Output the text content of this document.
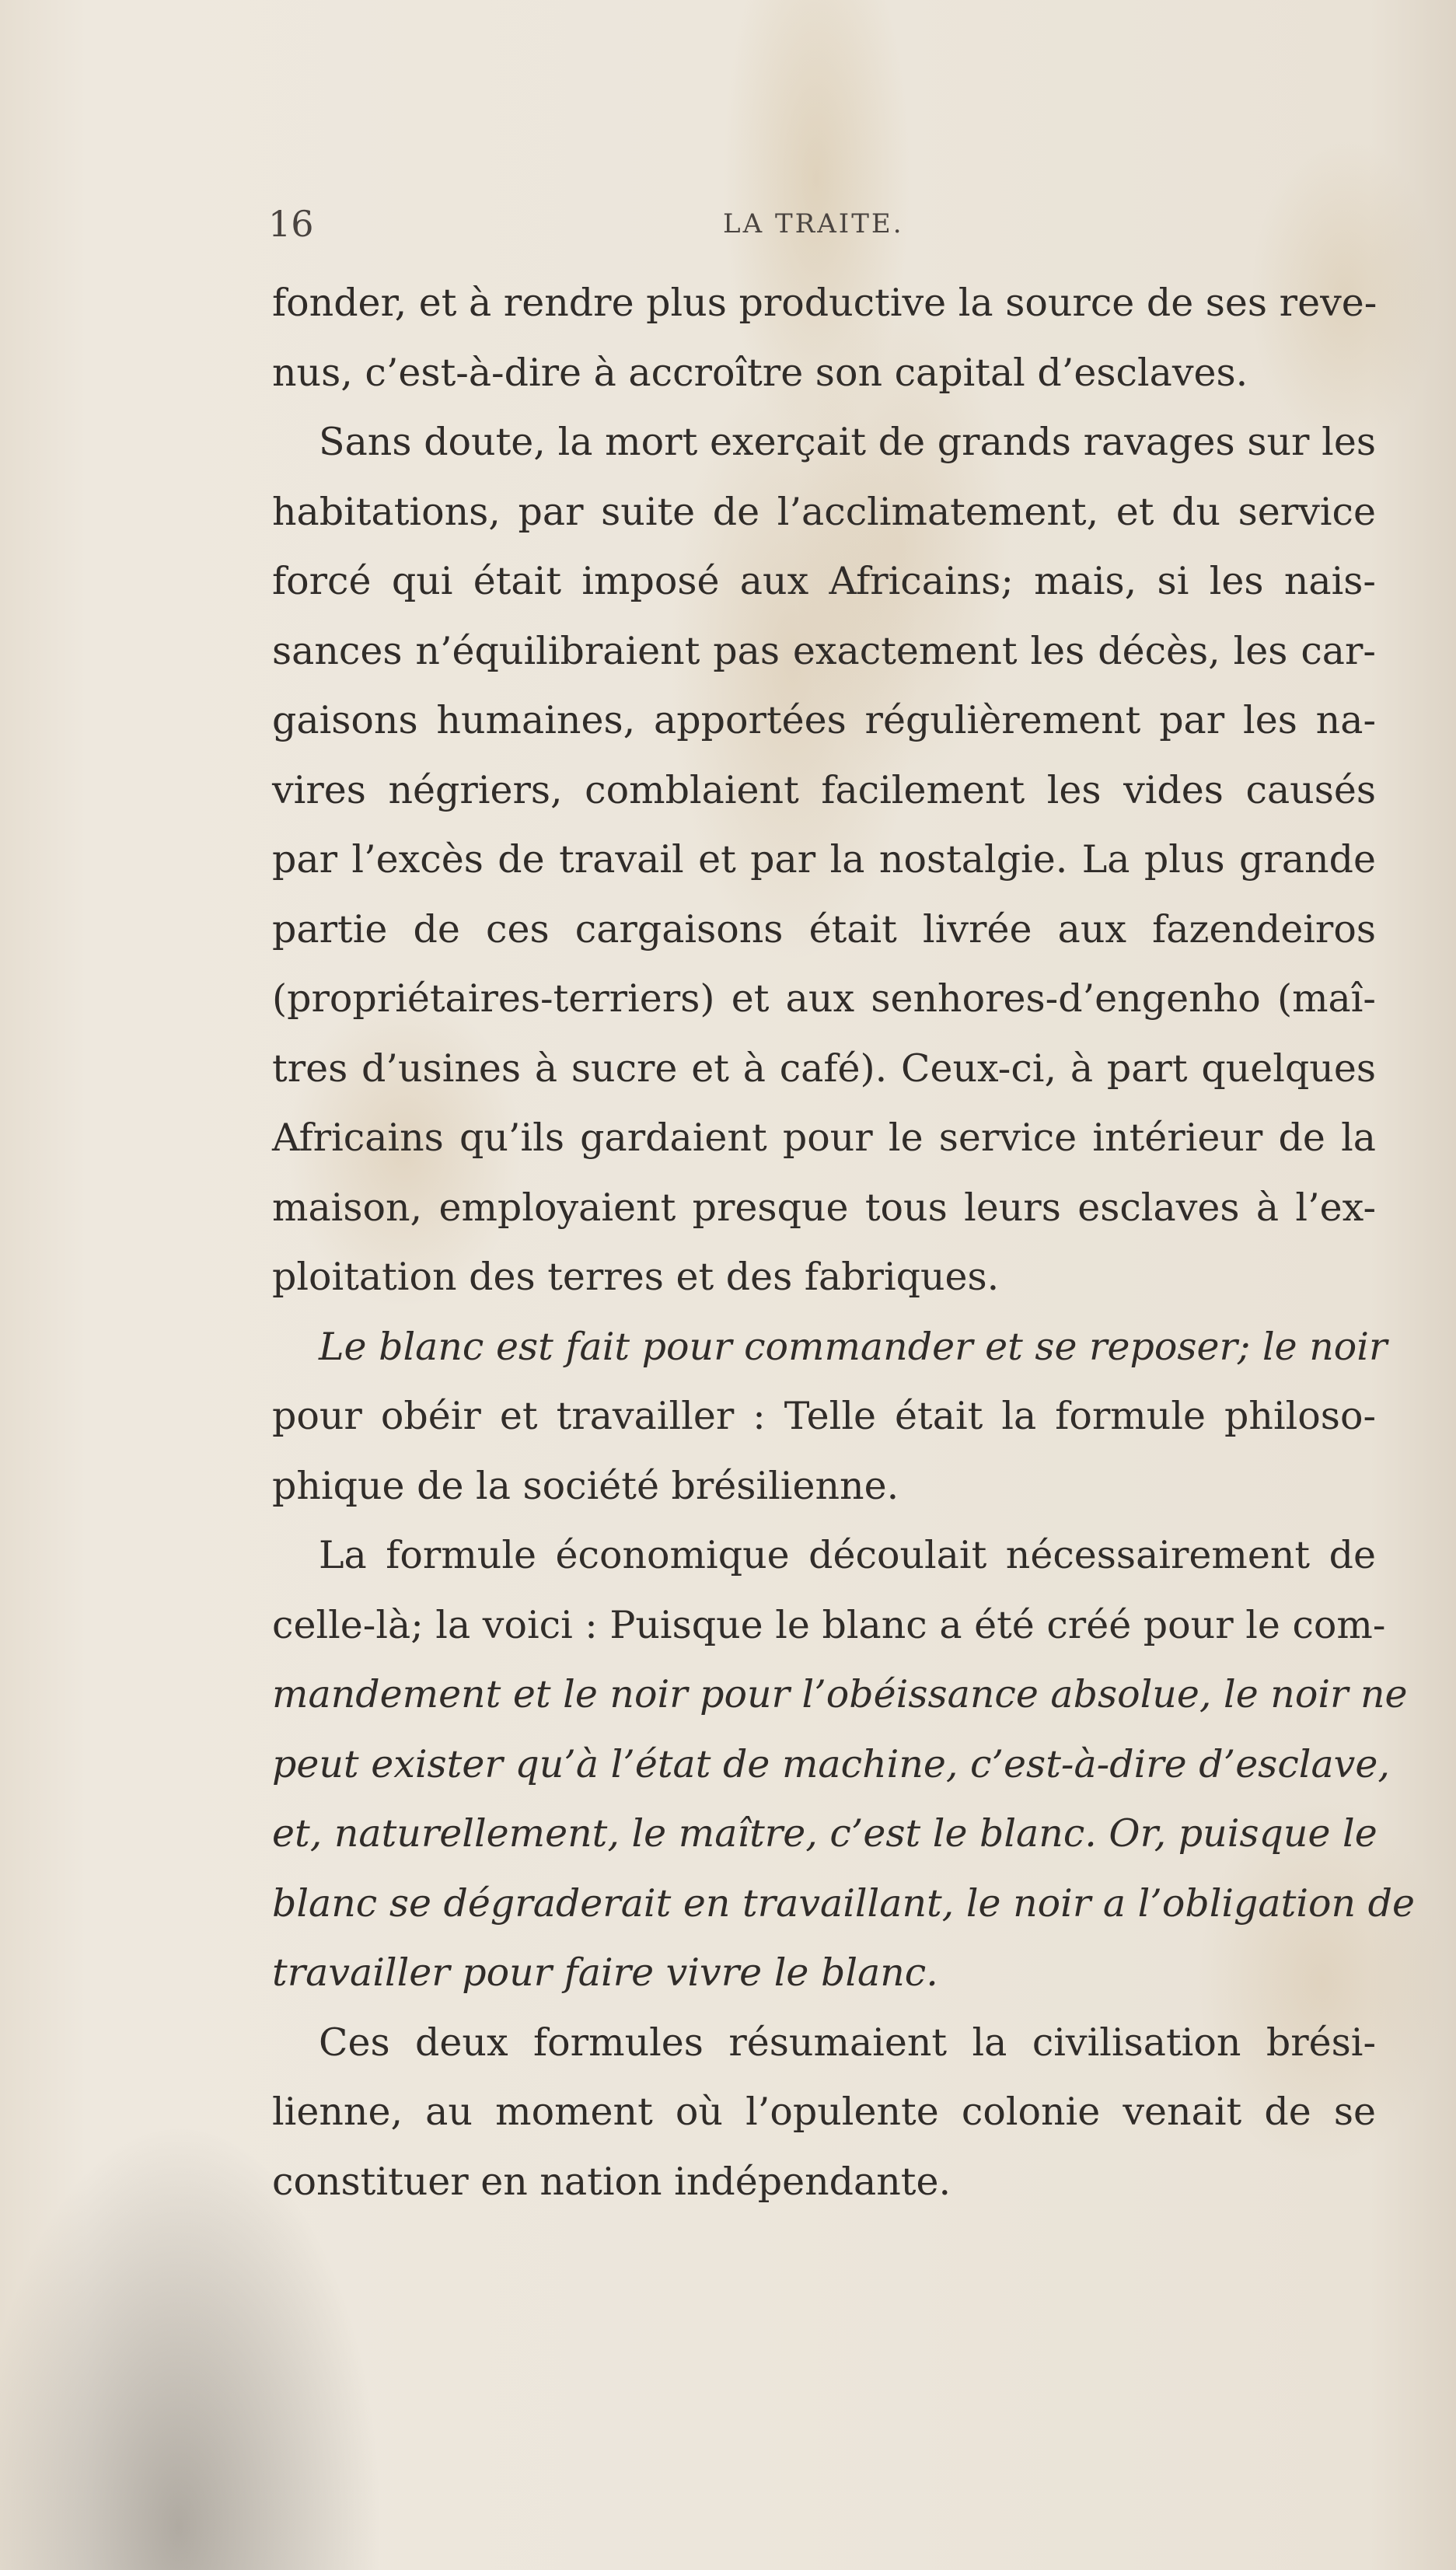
16	LA TRAITE.
fonder, et à rendre plus productive la source de ses reve-
nus, c’est-à-dire à accroître son capital d’esclaves.
Sans doute, la mort exerçait de grands ravages sur les
habitations, par suite de l’acclimatement, et du service
forcé qui était imposé aux Africains; mais, si les nais-
sances n’équilibraient pas exactement les décès, les car-
gaisons humaines, apportées régulièrement par les na-
vires négriers, comblaient facilement les vides causés
par l’excès de travail et par la nostalgie. La plus grande
partie de ces cargaisons était livrée aux fazendeiros
(propriétaires-terriers) et aux senhores-d’engenho (maî-
tres d’usines à sucre et à café). Ceux-ci, à part quelques
Africains qu’ils gardaient pour le service intérieur de la
maison, employaient presque tous leurs esclaves à l’ex-
ploitation des terres et des fabriques.
Le blanc est fait pour commander et se reposer; le noir
pour obéir et travailler : Telle était la formule philoso-
phique de la société brésilienne.
La formule économique découlait nécessairement de
celle-là; la voici : Puisque le blanc a été créé pour le com-
mandement et le noir pour l’obéissance absolue, le noir ne
peut exister qu’à l’état de machine, c’est-à-dire d’esclave,
et, naturellement, le maître, c’est le blanc. Or, puisque le
blanc se dégraderait en travaillant, le noir a l’obligation de
travailler pour faire vivre le blanc.
Ces deux formules résumaient la civilisation brési-
lienne, au moment où l’opulente colonie venait de se
constituer en nation indépendante.
